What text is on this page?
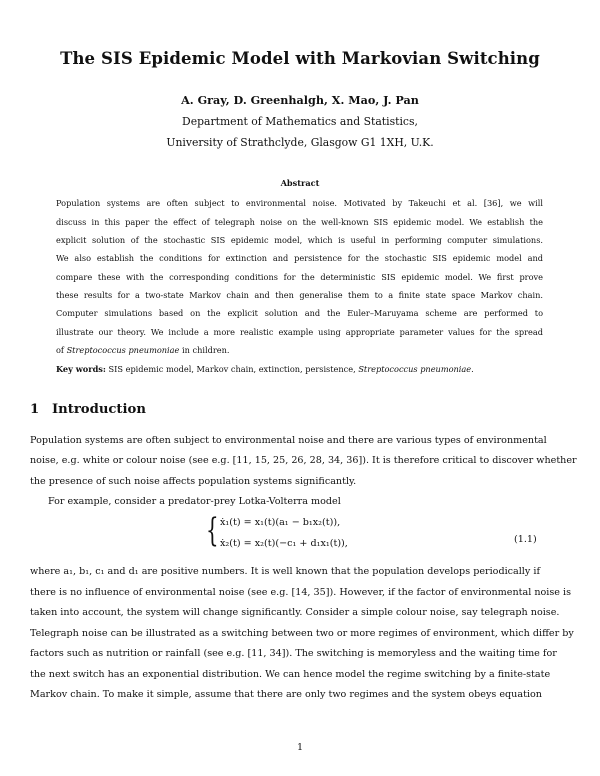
The SIS Epidemic Model with Markovian Switching
A. Gray, D. Greenhalgh, X. Mao, J. Pan
Department of Mathematics and Statistics,
University of Strathclyde, Glasgow G1 1XH, U.K.
Abstract
Population systems are often subject to environmental noise. Motivated by Takeuchi et al. [36], we will
discuss in this paper the effect of telegraph noise on the well-known SIS epidemic model. We establish the
explicit solution of the stochastic SIS epidemic model, which is useful in performing computer simulations.
We also establish the conditions for extinction and persistence for the stochastic SIS epidemic model and
compare these with the corresponding conditions for the deterministic SIS epidemic model. We first prove
these results for a two-state Markov chain and then generalise them to a finite state space Markov chain.
Computer simulations based on the explicit solution and the Euler–Maruyama scheme are performed to
illustrate our theory. We include a more realistic example using appropriate parameter values for the spread
of Streptococcus pneumoniae in children.
Key words: SIS epidemic model, Markov chain, extinction, persistence, Streptococcus pneumoniae.
1 Introduction
Population systems are often subject to environmental noise and there are various types of environmental
noise, e.g. white or colour noise (see e.g. [11, 15, 25, 26, 28, 34, 36]). It is therefore critical to discover whether
the presence of such noise affects population systems significantly.
For example, consider a predator-prey Lotka-Volterra model
{ ẋ₁(t) = x₁(t)(a₁ − b₁x₂(t)),
ẋ₂(t) = x₂(t)(−c₁ + d₁x₁(t)),	(1.1)
where a₁, b₁, c₁ and d₁ are positive numbers. It is well known that the population develops periodically if
there is no influence of environmental noise (see e.g. [14, 35]). However, if the factor of environmental noise is
taken into account, the system will change significantly. Consider a simple colour noise, say telegraph noise.
Telegraph noise can be illustrated as a switching between two or more regimes of environment, which differ by
factors such as nutrition or rainfall (see e.g. [11, 34]). The switching is memoryless and the waiting time for
the next switch has an exponential distribution. We can hence model the regime switching by a finite-state
Markov chain. To make it simple, assume that there are only two regimes and the system obeys equation
1
